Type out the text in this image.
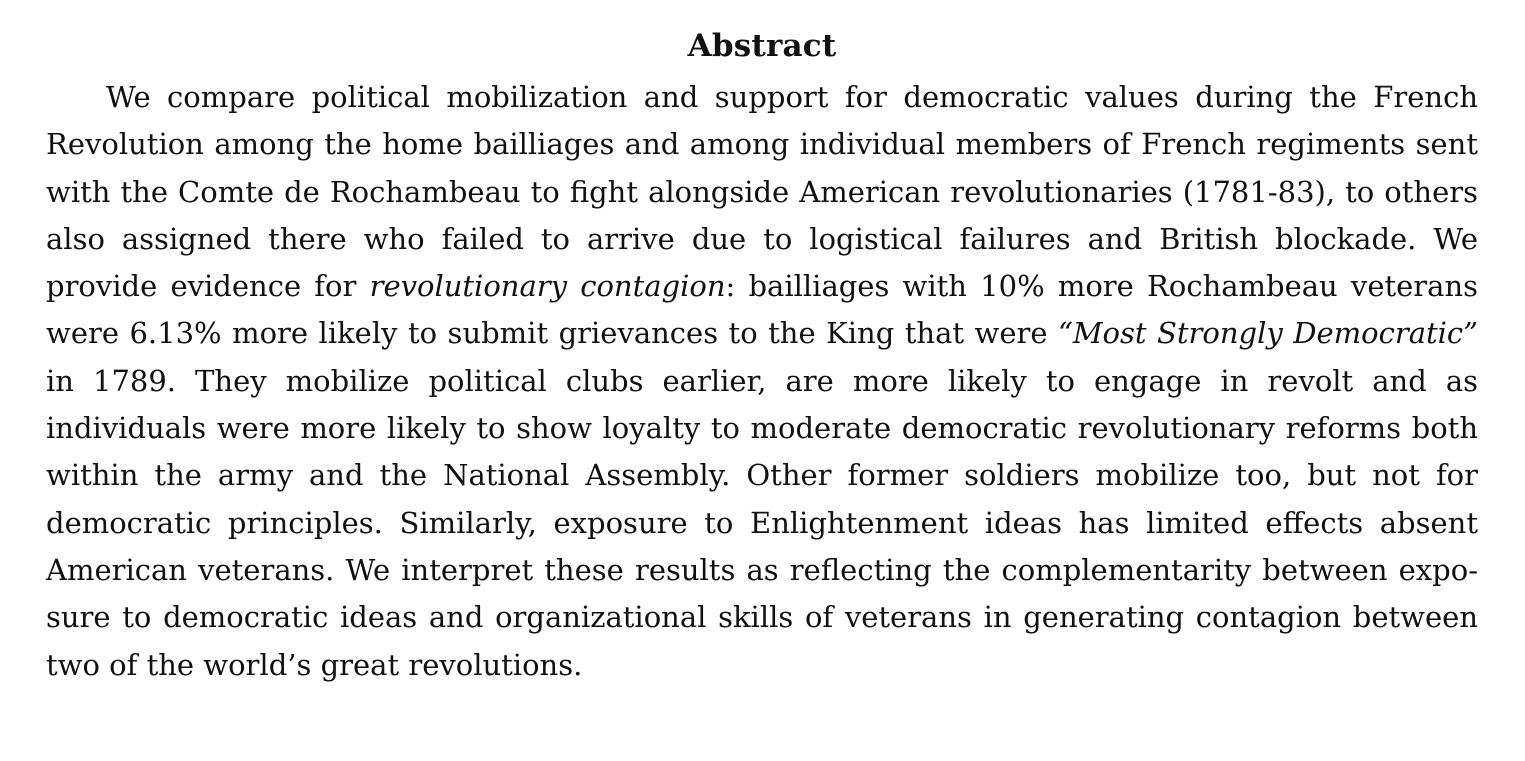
Abstract

We compare political mobilization and support for democratic values during the French Revolution among the home bailliages and among individual members of French regiments sent with the Comte de Rochambeau to fight alongside American revolutionaries (1781-83), to others also assigned there who failed to arrive due to logistical failures and British blockade. We provide evidence for revolutionary contagion: bailliages with 10% more Rochambeau veterans were 6.13% more likely to submit grievances to the King that were “Most Strongly Democratic” in 1789. They mobilize political clubs earlier, are more likely to engage in revolt and as individuals were more likely to show loyalty to moderate democratic revolutionary reforms both within the army and the National Assembly. Other former soldiers mobilize too, but not for democratic principles. Similarly, exposure to Enlightenment ideas has limited effects absent American veterans. We interpret these results as reflecting the complementarity between exposure to democratic ideas and organizational skills of veterans in generating contagion between two of the world’s great revolutions.
